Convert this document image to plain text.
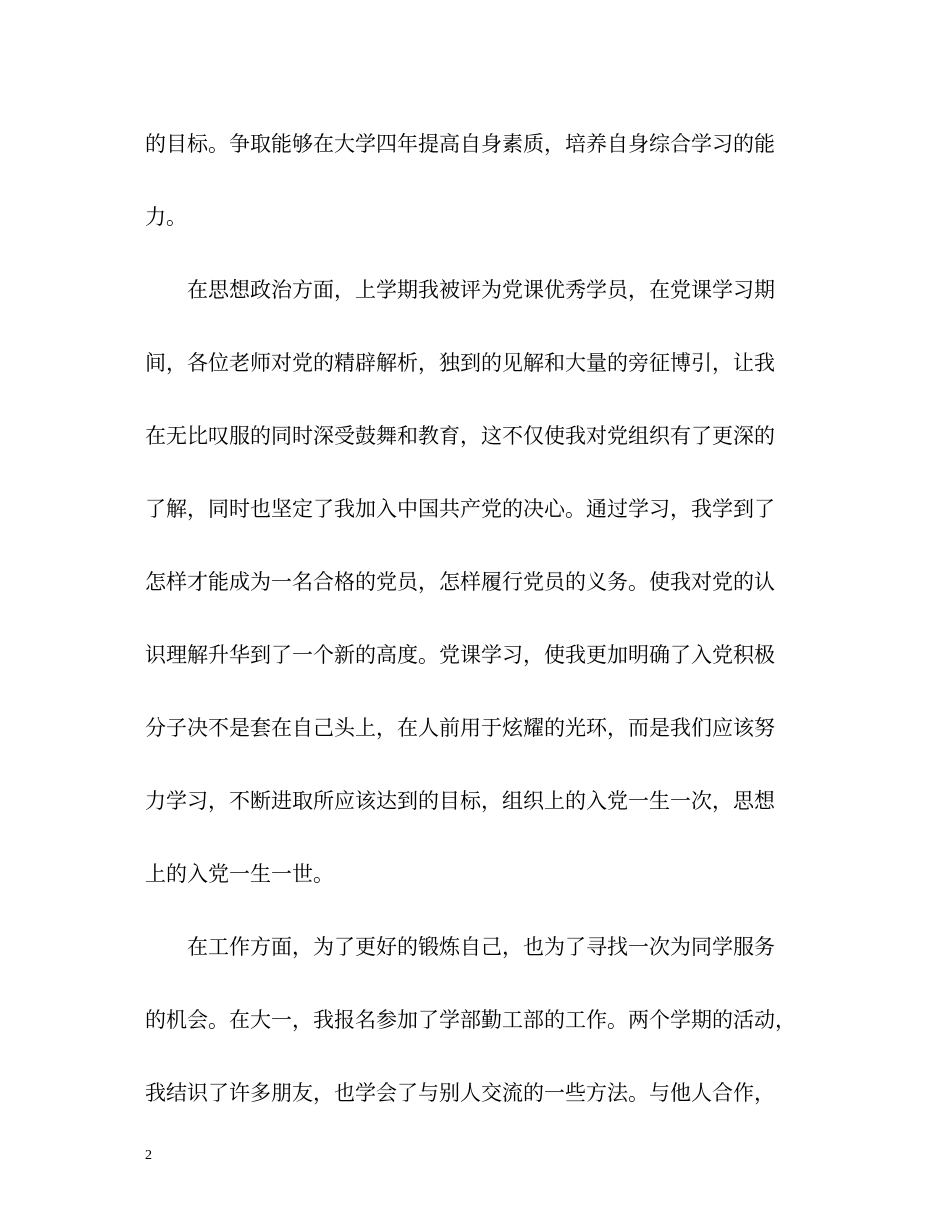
的目标。争取能够在大学四年提高自身素质，培养自身综合学习的能
力。
　　在思想政治方面，上学期我被评为党课优秀学员，在党课学习期
间，各位老师对党的精辟解析，独到的见解和大量的旁征博引，让我
在无比叹服的同时深受鼓舞和教育，这不仅使我对党组织有了更深的
了解，同时也坚定了我加入中国共产党的决心。通过学习，我学到了
怎样才能成为一名合格的党员，怎样履行党员的义务。使我对党的认
识理解升华到了一个新的高度。党课学习，使我更加明确了入党积极
分子决不是套在自己头上，在人前用于炫耀的光环，而是我们应该努
力学习，不断进取所应该达到的目标，组织上的入党一生一次，思想
上的入党一生一世。
　　在工作方面，为了更好的锻炼自己，也为了寻找一次为同学服务
的机会。在大一，我报名参加了学部勤工部的工作。两个学期的活动，
我结识了许多朋友，也学会了与别人交流的一些方法。与他人合作，
2
